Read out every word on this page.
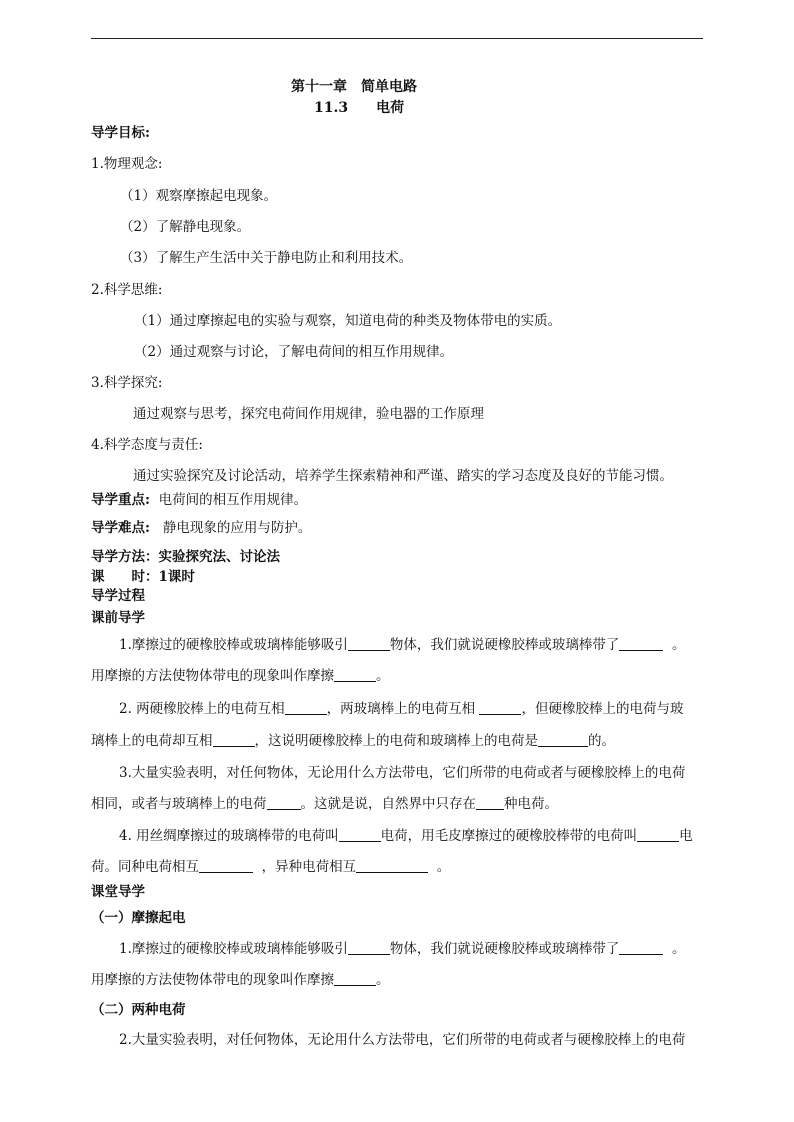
第十一章　简单电路
11.3　　电荷
导学目标:
1.物理观念:
（1）观察摩擦起电现象。
（2）了解静电现象。
（3）了解生产生活中关于静电防止和利用技术。
2.科学思维:
（1）通过摩擦起电的实验与观察，知道电荷的种类及物体带电的实质。
（2）通过观察与讨论，了解电荷间的相互作用规律。
3.科学探究:
通过观察与思考，探究电荷间作用规律，验电器的工作原理
4.科学态度与责任:
通过实验探究及讨论活动，培养学生探索精神和严谨、踏实的学习态度及良好的节能习惯。
导学重点: 电荷间的相互作用规律。
导学难点: 静电现象的应用与防护。
导学方法：实验探究法、讨论法
课　　时：1课时
导学过程
课前导学
1.摩擦过的硬橡胶棒或玻璃棒能够吸引	物体，我们就说硬橡胶棒或玻璃棒带了	。
用摩擦的方法使物体带电的现象叫作摩擦	。
2. 两硬橡胶棒上的电荷互相	，两玻璃棒上的电荷互相	，但硬橡胶棒上的电荷与玻
璃棒上的电荷却互相	，这说明硬橡胶棒上的电荷和玻璃棒上的电荷是	的。
3.大量实验表明，对任何物体，无论用什么方法带电，它们所带的电荷或者与硬橡胶棒上的电荷
相同，或者与玻璃棒上的电荷	。这就是说，自然界中只存在 种电荷。
4. 用丝绸摩擦过的玻璃棒带的电荷叫	电荷，用毛皮摩擦过的硬橡胶棒带的电荷叫	电
荷。同种电荷相互	，异种电荷相互	。
课堂导学
（一）摩擦起电
1.摩擦过的硬橡胶棒或玻璃棒能够吸引	物体，我们就说硬橡胶棒或玻璃棒带了	。
用摩擦的方法使物体带电的现象叫作摩擦	。
（二）两种电荷
2.大量实验表明，对任何物体，无论用什么方法带电，它们所带的电荷或者与硬橡胶棒上的电荷
